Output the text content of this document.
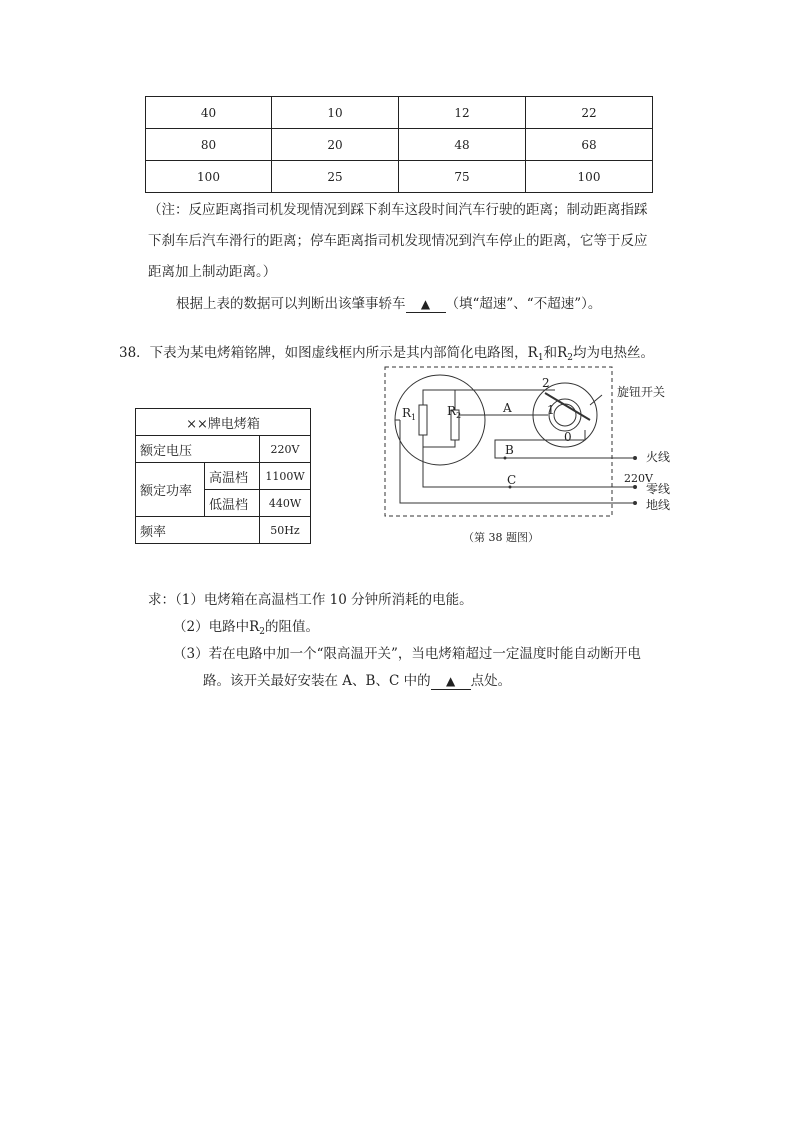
40	10	12	22
80	20	48	68
100	25	75	100
（注：反应距离指司机发现情况到踩下刹车这段时间汽车行驶的距离；制动距离指踩
下刹车后汽车滑行的距离；停车距离指司机发现情况到汽车停止的距离，它等于反应
距离加上制动距离。）
根据上表的数据可以判断出该肇事轿车 ▲ （填“超速”、“不超速”）。
38．下表为某电烤箱铭牌，如图虚线框内所示是其内部简化电路图，$R_1$和$R_2$均为电热丝。
××牌电烤箱		
额定电压		220V
额定功率	高温档	1100W
	低温档	440W
频率		50Hz
$R_1$	$R_2$
A
B
C
2
1
0
旋钮开关
火线
220V
零线
地线
（第 38 题图）
求：（1）电烤箱在高温档工作 10 分钟所消耗的电能。
（2）电路中$R_2$的阻值。
（3）若在电路中加一个“限高温开关”，当电烤箱超过一定温度时能自动断开电
路。该开关最好安装在 A、B、C 中的 ▲ 点处。
